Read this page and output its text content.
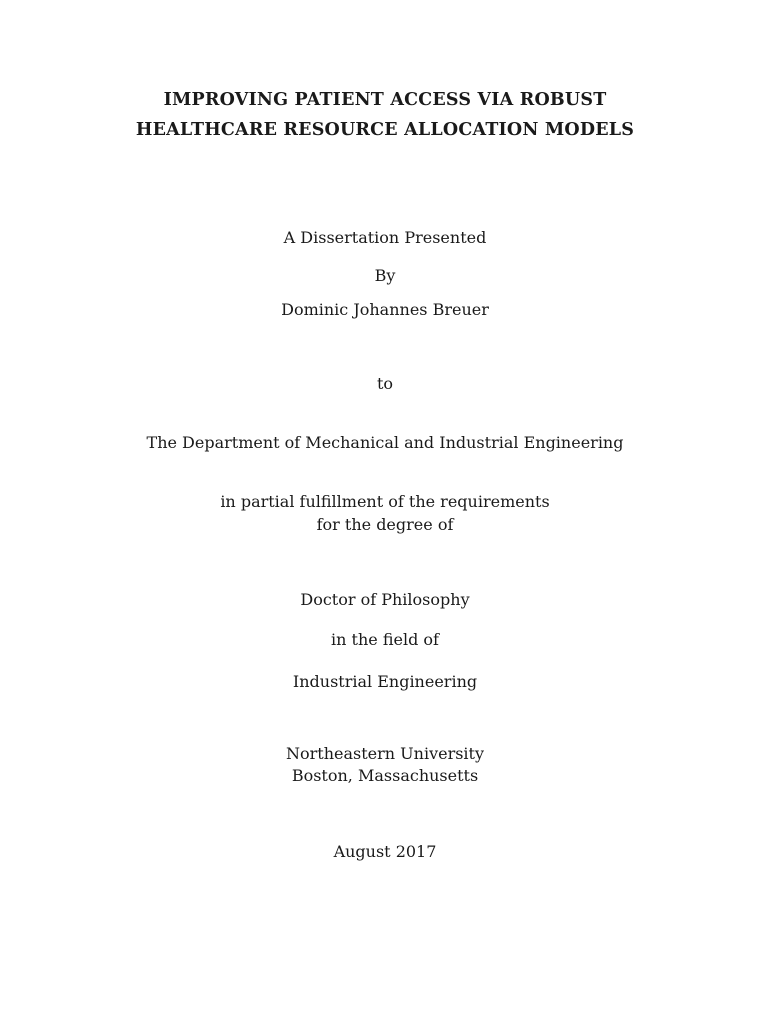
IMPROVING PATIENT ACCESS VIA ROBUST
HEALTHCARE RESOURCE ALLOCATION MODELS
A Dissertation Presented
By
Dominic Johannes Breuer
to
The Department of Mechanical and Industrial Engineering
in partial fulfillment of the requirements
for the degree of
Doctor of Philosophy
in the field of
Industrial Engineering
Northeastern University
Boston, Massachusetts
August 2017
